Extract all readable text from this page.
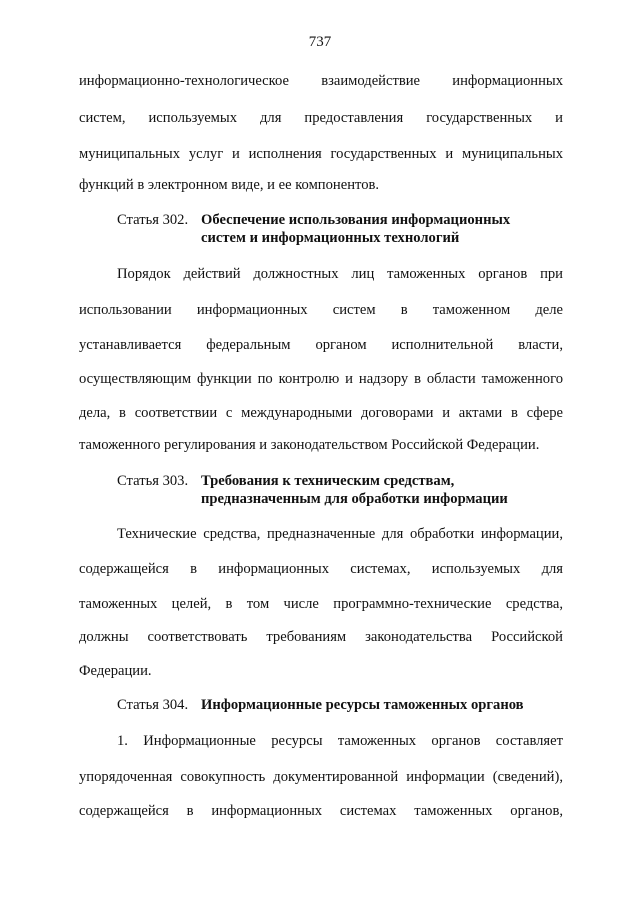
737
информационно-технологическое взаимодействие информационных
систем, используемых для предоставления государственных и
муниципальных услуг и исполнения государственных и муниципальных
функций в электронном виде, и ее компонентов.
Статья 302. Обеспечение использования информационных
систем и информационных технологий
Порядок действий должностных лиц таможенных органов при
использовании информационных систем в таможенном деле
устанавливается федеральным органом исполнительной власти,
осуществляющим функции по контролю и надзору в области таможенного
дела, в соответствии с международными договорами и актами в сфере
таможенного регулирования и законодательством Российской Федерации.
Статья 303. Требования к техническим средствам,
предназначенным для обработки информации
Технические средства, предназначенные для обработки информации,
содержащейся в информационных системах, используемых для
таможенных целей, в том числе программно-технические средства,
должны соответствовать требованиям законодательства Российской
Федерации.
Статья 304. Информационные ресурсы таможенных органов
1. Информационные ресурсы таможенных органов составляет
упорядоченная совокупность документированной информации (сведений),
содержащейся в информационных системах таможенных органов,
